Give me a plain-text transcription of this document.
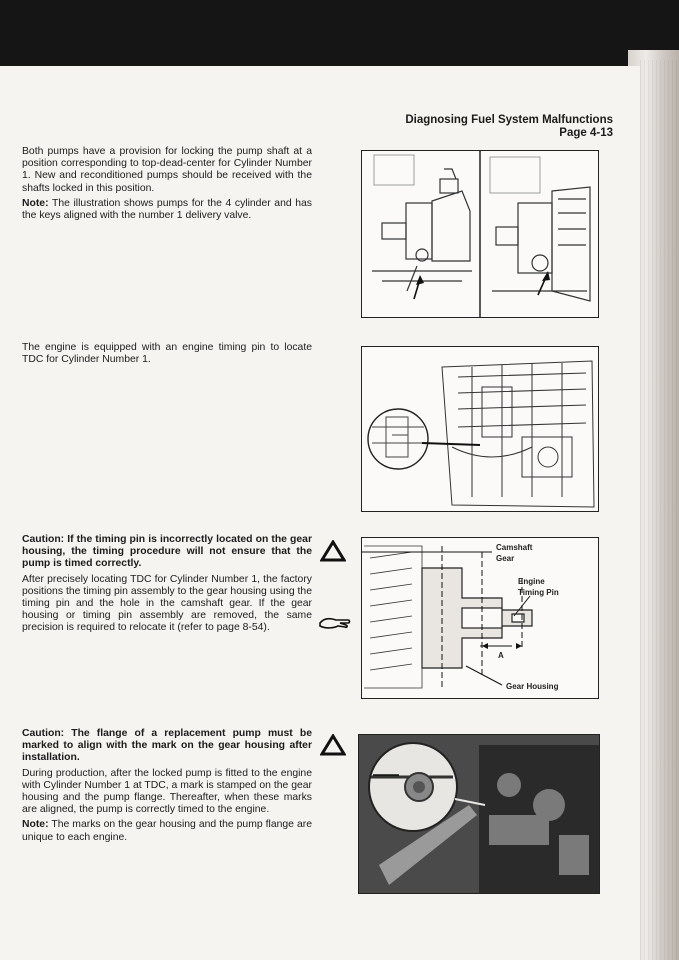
Diagnosing Fuel System Malfunctions
Page 4-13
Both pumps have a provision for locking the pump shaft at a position corresponding to top-dead-center for Cylinder Number 1. New and reconditioned pumps should be received with the shafts locked in this position.
Note: The illustration shows pumps for the 4 cylinder and has the keys aligned with the number 1 delivery valve.
The engine is equipped with an engine timing pin to locate TDC for Cylinder Number 1.
Caution: If the timing pin is incorrectly located on the gear housing, the timing procedure will not ensure that the pump is timed correctly.
After precisely locating TDC for Cylinder Number 1, the factory positions the timing pin assembly to the gear housing using the timing pin and the hole in the camshaft gear. If the gear housing or timing pin assembly are removed, the same precision is required to relocate it (refer to page 8-54).
Camshaft
Gear
Engine
Timing Pin
A
Gear Housing
Caution: The flange of a replacement pump must be marked to align with the mark on the gear housing after installation.
During production, after the locked pump is fitted to the engine with Cylinder Number 1 at TDC, a mark is stamped on the gear housing and the pump flange. Thereafter, when these marks are aligned, the pump is correctly timed to the engine.
Note: The marks on the gear housing and the pump flange are unique to each engine.
